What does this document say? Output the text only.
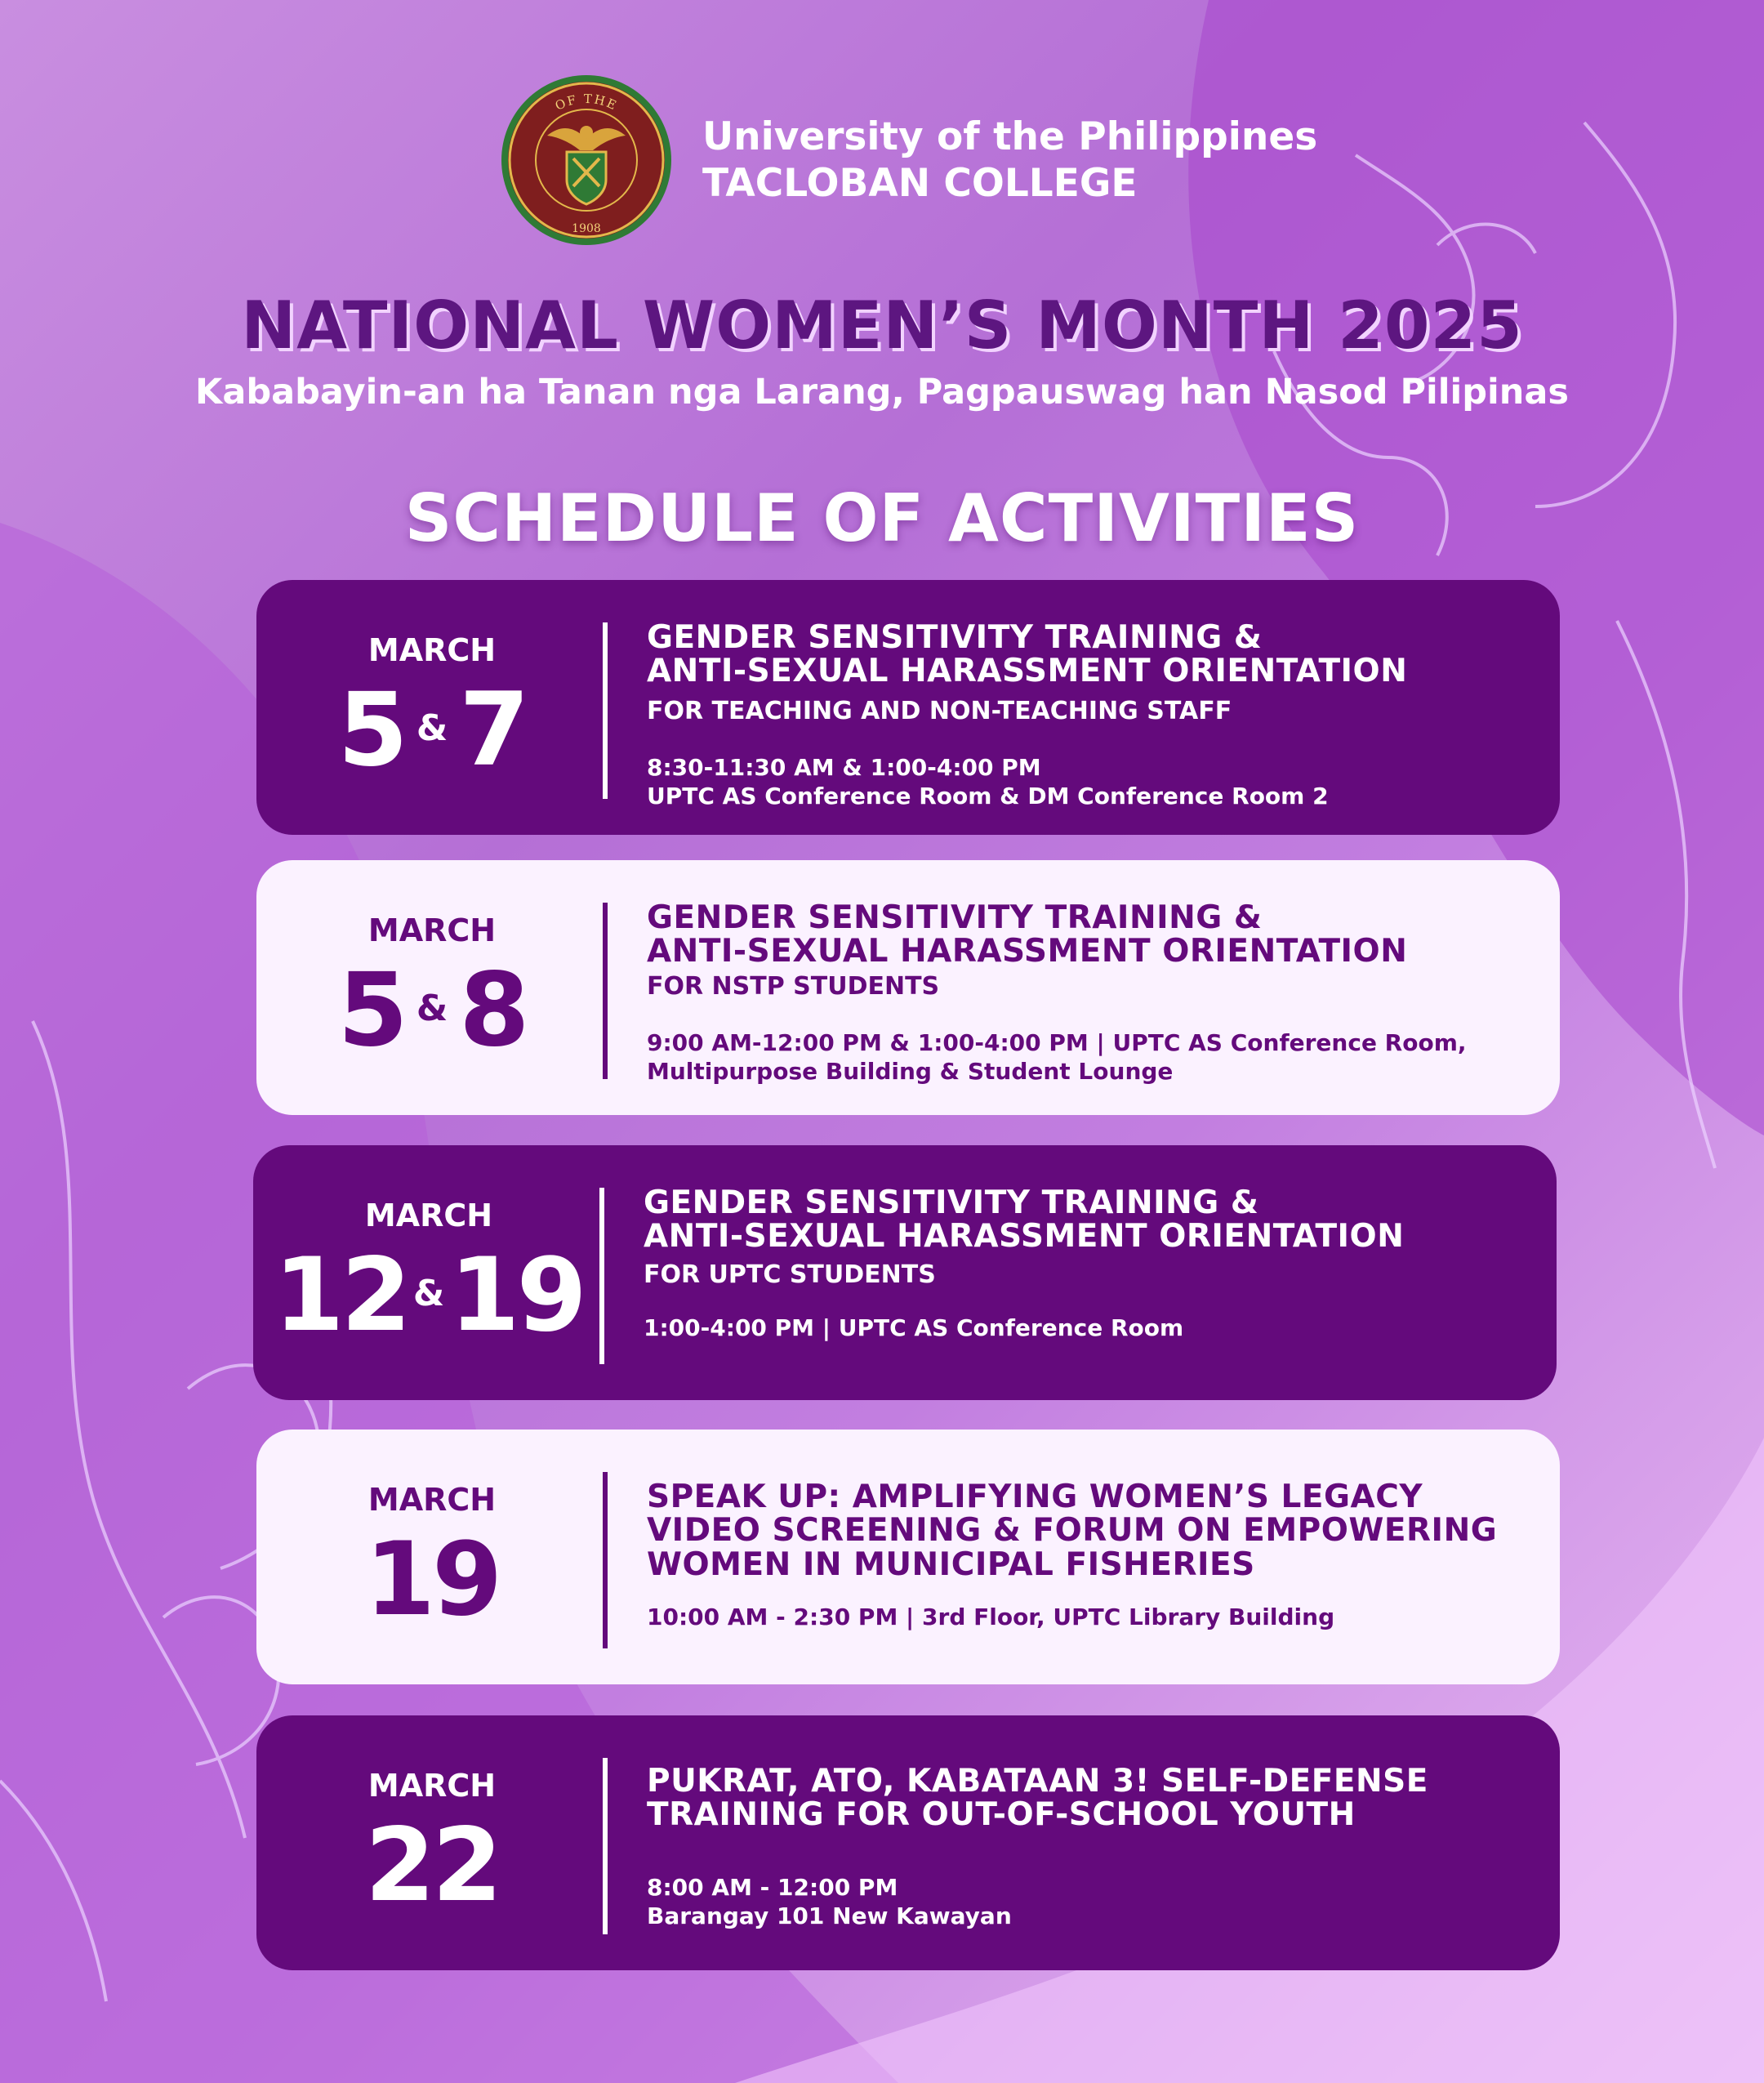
OF THE
1908
University of the Philippines
TACLOBAN COLLEGE
NATIONAL WOMEN’S MONTH 2025
Kababayin-an ha Tanan nga Larang, Pagpauswag han Nasod Pilipinas
SCHEDULE OF ACTIVITIES
MARCH
5 & 7
GENDER SENSITIVITY TRAINING &
ANTI-SEXUAL HARASSMENT ORIENTATION
FOR TEACHING AND NON-TEACHING STAFF
8:30-11:30 AM & 1:00-4:00 PM
UPTC AS Conference Room & DM Conference Room 2
MARCH
5 & 8
GENDER SENSITIVITY TRAINING &
ANTI-SEXUAL HARASSMENT ORIENTATION
FOR NSTP STUDENTS
9:00 AM-12:00 PM & 1:00-4:00 PM | UPTC AS Conference Room,
Multipurpose Building & Student Lounge
MARCH
12 &19
GENDER SENSITIVITY TRAINING &
ANTI-SEXUAL HARASSMENT ORIENTATION
FOR UPTC STUDENTS
1:00-4:00 PM | UPTC AS Conference Room
MARCH
19
SPEAK UP: AMPLIFYING WOMEN’S LEGACY
VIDEO SCREENING & FORUM ON EMPOWERING
WOMEN IN MUNICIPAL FISHERIES
10:00 AM - 2:30 PM | 3rd Floor, UPTC Library Building
MARCH
22
PUKRAT, ATO, KABATAAN 3! SELF-DEFENSE
TRAINING FOR OUT-OF-SCHOOL YOUTH
8:00 AM - 12:00 PM
Barangay 101 New Kawayan
